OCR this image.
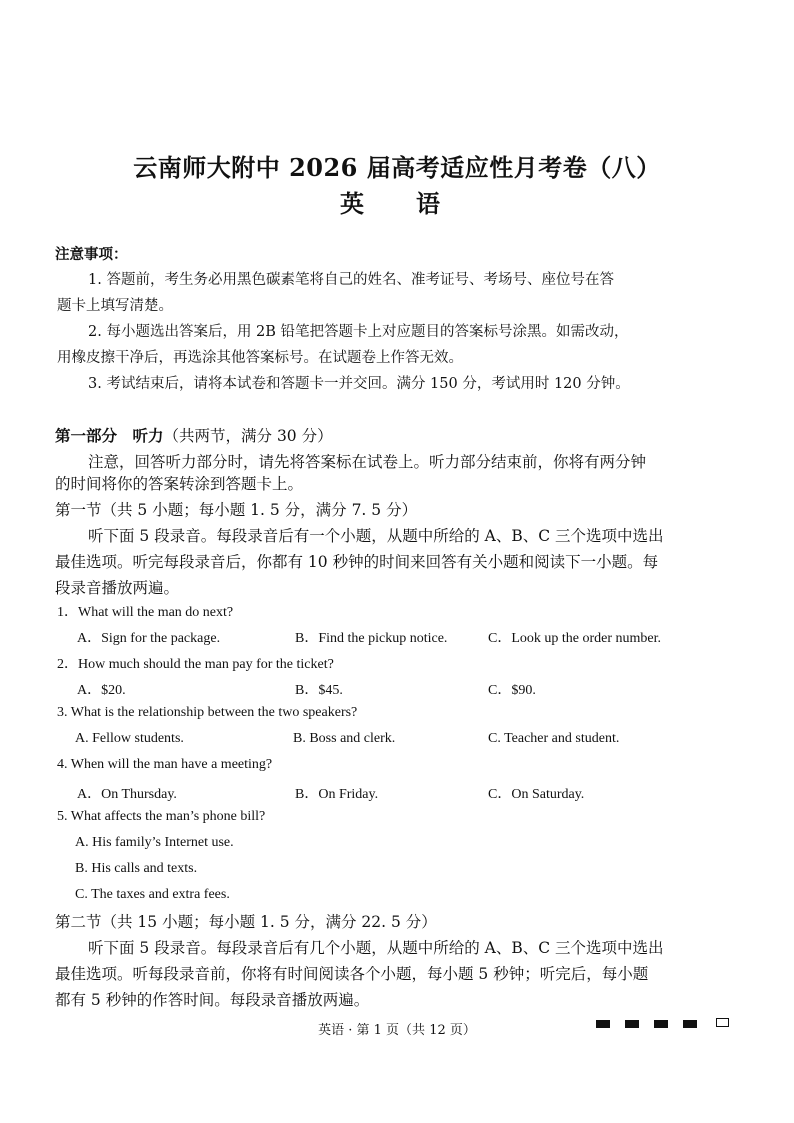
云南师大附中 2026 届高考适应性月考卷（八）
英　语
注意事项：
1. 答题前，考生务必用黑色碳素笔将自己的姓名、准考证号、考场号、座位号在答
题卡上填写清楚。
2. 每小题选出答案后，用 2B 铅笔把答题卡上对应题目的答案标号涂黑。如需改动，
用橡皮擦干净后，再选涂其他答案标号。在试题卷上作答无效。
3. 考试结束后，请将本试卷和答题卡一并交回。满分 150 分，考试用时 120 分钟。
第一部分　听力（共两节，满分 30 分）
注意，回答听力部分时，请先将答案标在试卷上。听力部分结束前，你将有两分钟
的时间将你的答案转涂到答题卡上。
第一节（共 5 小题；每小题 1. 5 分，满分 7. 5 分）
听下面 5 段录音。每段录音后有一个小题，从题中所给的 A、B、C 三个选项中选出
最佳选项。听完每段录音后，你都有 10 秒钟的时间来回答有关小题和阅读下一小题。每
段录音播放两遍。
1．What will the man do next?
A．Sign for the package.	B．Find the pickup notice.	C．Look up the order number.
2．How much should the man pay for the ticket?
A．$20.	B．$45.	C．$90.
3. What is the relationship between the two speakers?
A. Fellow students.	B. Boss and clerk.	C. Teacher and student.
4. When will the man have a meeting?
A．On Thursday.	B．On Friday.	C．On Saturday.
5. What affects the man’s phone bill?
A. His family’s Internet use.
B. His calls and texts.
C. The taxes and extra fees.
第二节（共 15 小题；每小题 1. 5 分，满分 22. 5 分）
听下面 5 段录音。每段录音后有几个小题，从题中所给的 A、B、C 三个选项中选出
最佳选项。听每段录音前，你将有时间阅读各个小题，每小题 5 秒钟；听完后，每小题
都有 5 秒钟的作答时间。每段录音播放两遍。
英语 · 第 1 页（共 12 页）
